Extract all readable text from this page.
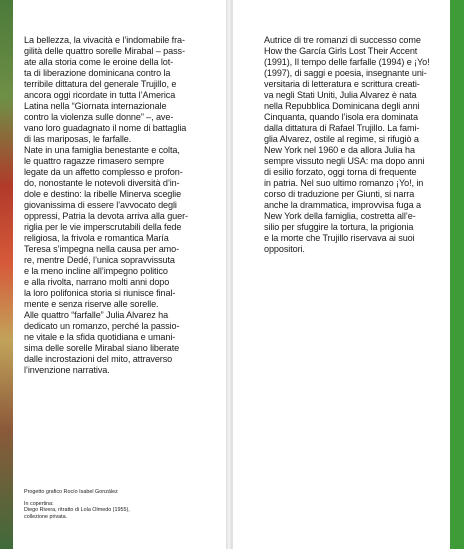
La bellezza, la vivacità e l’indomabile fra-

gilità delle quattro sorelle Mirabal – pass-

ate alla storia come le eroine della lot-

ta di liberazione dominicana contro la

terribile dittatura del generale Trujillo, e

ancora oggi ricordate in tutta l’America

Latina nella “Giornata internazionale

contro la violenza sulle donne” –, ave-

vano loro guadagnato il nome di battaglia

di las mariposas, le farfalle.

Nate in una famiglia benestante e colta,

le quattro ragazze rimasero sempre

legate da un affetto complesso e profon-

do, nonostante le notevoli diversità d’in-

dole e destino: la ribelle Minerva sceglie

giovanissima di essere l’avvocato degli

oppressi, Patria la devota arriva alla guer-

riglia per le vie imperscrutabili della fede

religiosa, la frivola e romantica María

Teresa s’impegna nella causa per amo-

re, mentre Dedé, l’unica sopravvissuta

e la meno incline all’impegno politico

e alla rivolta, narrano molti anni dopo

la loro polifonica storia si riunisce final-

mente e senza riserve alle sorelle.

Alle quattro “farfalle” Julia Alvarez ha

dedicato un romanzo, perché la passio-

ne vitale e la sfida quotidiana e umani-

sima delle sorelle Mirabal siano liberate

dalle incrostazioni del mito, attraverso

l’invenzione narrativa.

Progetto grafico Rocío Isabel González

In copertina:

Diego Rivera, ritratto di Lola Olmedo (1955),

collezione privata.

Autrice di tre romanzi di successo come

How the García Girls Lost Their Accent

(1991), Il tempo delle farfalle (1994) e ¡Yo!

(1997), di saggi e poesia, insegnante uni-

versitaria di letteratura e scrittura creati-

va negli Stati Uniti, Julia Alvarez è nata

nella Repubblica Dominicana degli anni

Cinquanta, quando l’isola era dominata

dalla dittatura di Rafael Trujillo. La fami-

glia Alvarez, ostile al regime, si rifugiò a

New York nel 1960 e da allora Julia ha

sempre vissuto negli USA: ma dopo anni

di esilio forzato, oggi torna di frequente

in patria. Nel suo ultimo romanzo ¡Yo!, in

corso di traduzione per Giunti, si narra

anche la drammatica, improvvisa fuga a

New York della famiglia, costretta all’e-

silio per sfuggire la tortura, la prigionia

e la morte che Trujillo riservava ai suoi

oppositori.
